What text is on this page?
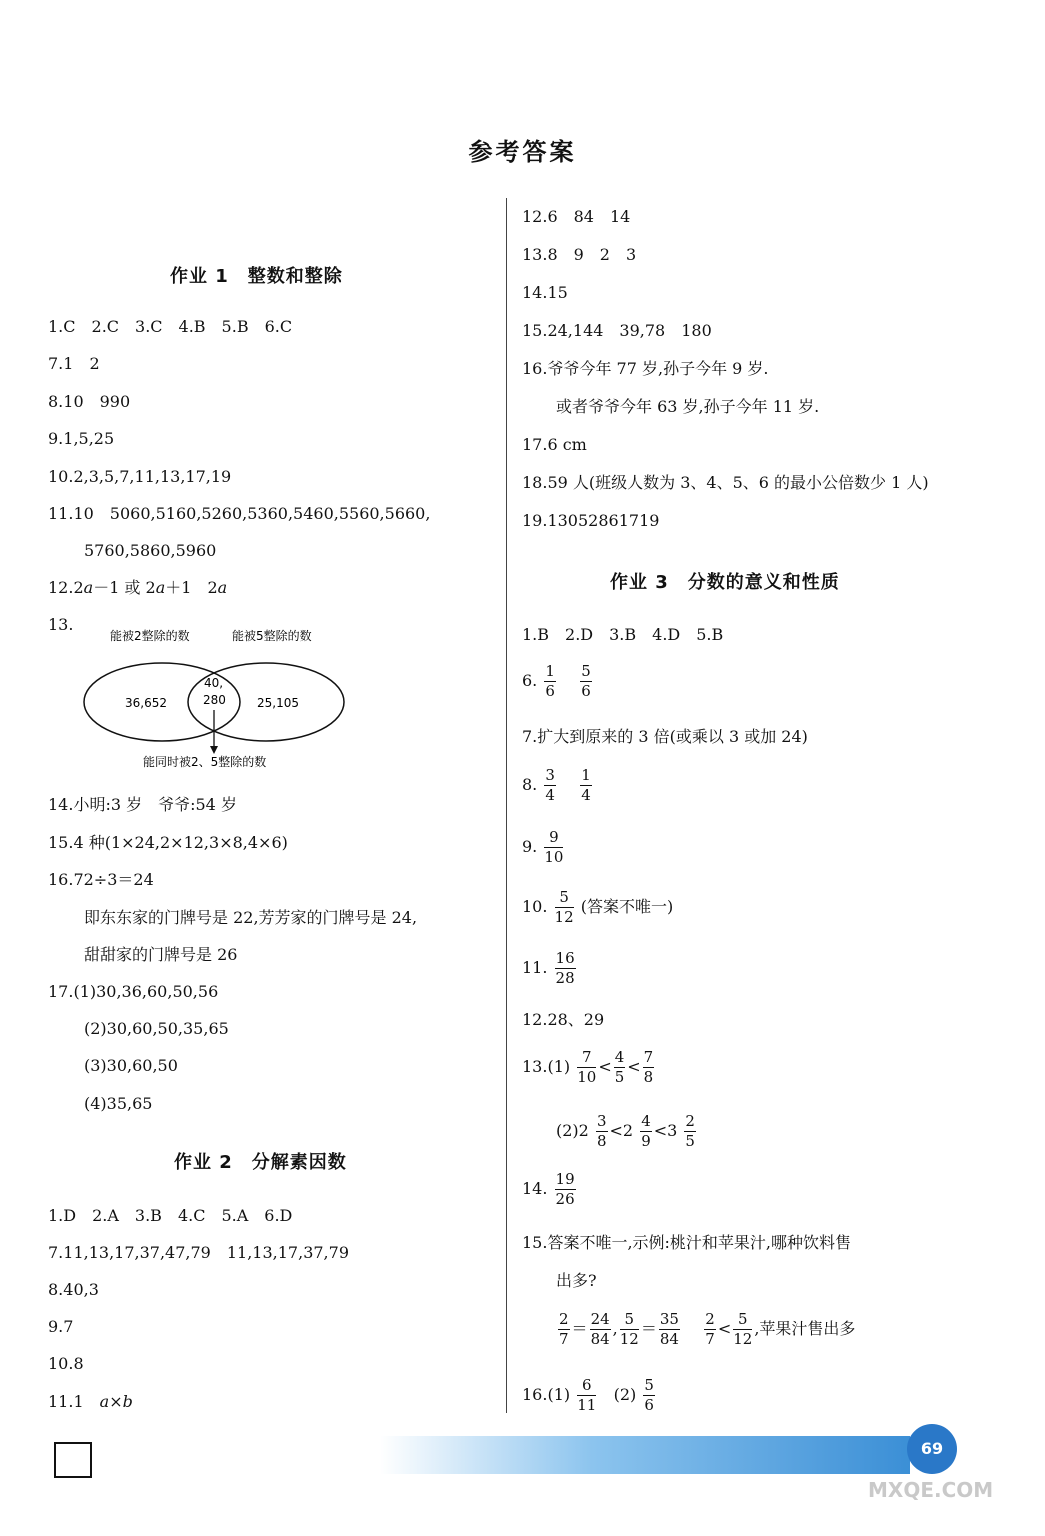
参考答案
作业 1　整数和整除
1.C　2.C　3.C　4.B　5.B　6.C
7.1　2
8.10　990
9.1,5,25
10.2,3,5,7,11,13,17,19
11.10　5060,5160,5260,5360,5460,5560,5660,
5760,5860,5960
12.2a－1 或 2a＋1　2a
13.
能被2整除的数	能被5整除的数
36,652
40,
280	25,105
能同时被2、5整除的数
14.小明:3 岁　爷爷:54 岁
15.4 种(1×24,2×12,3×8,4×6)
16.72÷3＝24
即东东家的门牌号是 22,芳芳家的门牌号是 24,
甜甜家的门牌号是 26
17.(1)30,36,60,50,56
(2)30,60,50,35,65
(3)30,60,50
(4)35,65
作业 2　分解素因数
1.D　2.A　3.B　4.C　5.A　6.D
7.11,13,17,37,47,79　11,13,17,37,79
8.40,3
9.7
10.8
11.1　a×b
12.6　84　14
13.8　9　2　3
14.15
15.24,144　39,78　180
16.爷爷今年 77 岁,孙子今年 9 岁.
或者爷爷今年 63 岁,孙子今年 11 岁.
17.6 cm
18.59 人(班级人数为 3、4、5、6 的最小公倍数少 1 人)
19.13052861719
作业 3　分数的意义和性质
1.B　2.D　3.B　4.D　5.B
6. $\frac{1}{6}$
$\frac{5}{6}$
7.扩大到原来的 3 倍(或乘以 3 或加 24)
8. $\frac{3}{4}$
$\frac{1}{4}$
9. $\frac{9}{10}$
10. $\frac{5}{12}$ (答案不唯一)
11. $\frac{16}{28}$
12.28、29
$13.(1) \frac{7}{10} < \frac{4}{5} < \frac{7}{8}$
$(2)2 \frac{3}{8} <2 \frac{4}{9} <3 \frac{2}{5}$
14. $\frac{19}{26}$
15.答案不唯一,示例:桃汁和苹果汁,哪种饮料售
出多?
$\frac{2}{7} = \frac{24}{84}$ , $\frac{5}{12} = \frac{35}{84}$
$\frac{2}{7} < \frac{5}{12}$ ,苹果汁售出多
$16.(1) \frac{6}{11} (2) \frac{5}{6}$
69
MXQE.COM
